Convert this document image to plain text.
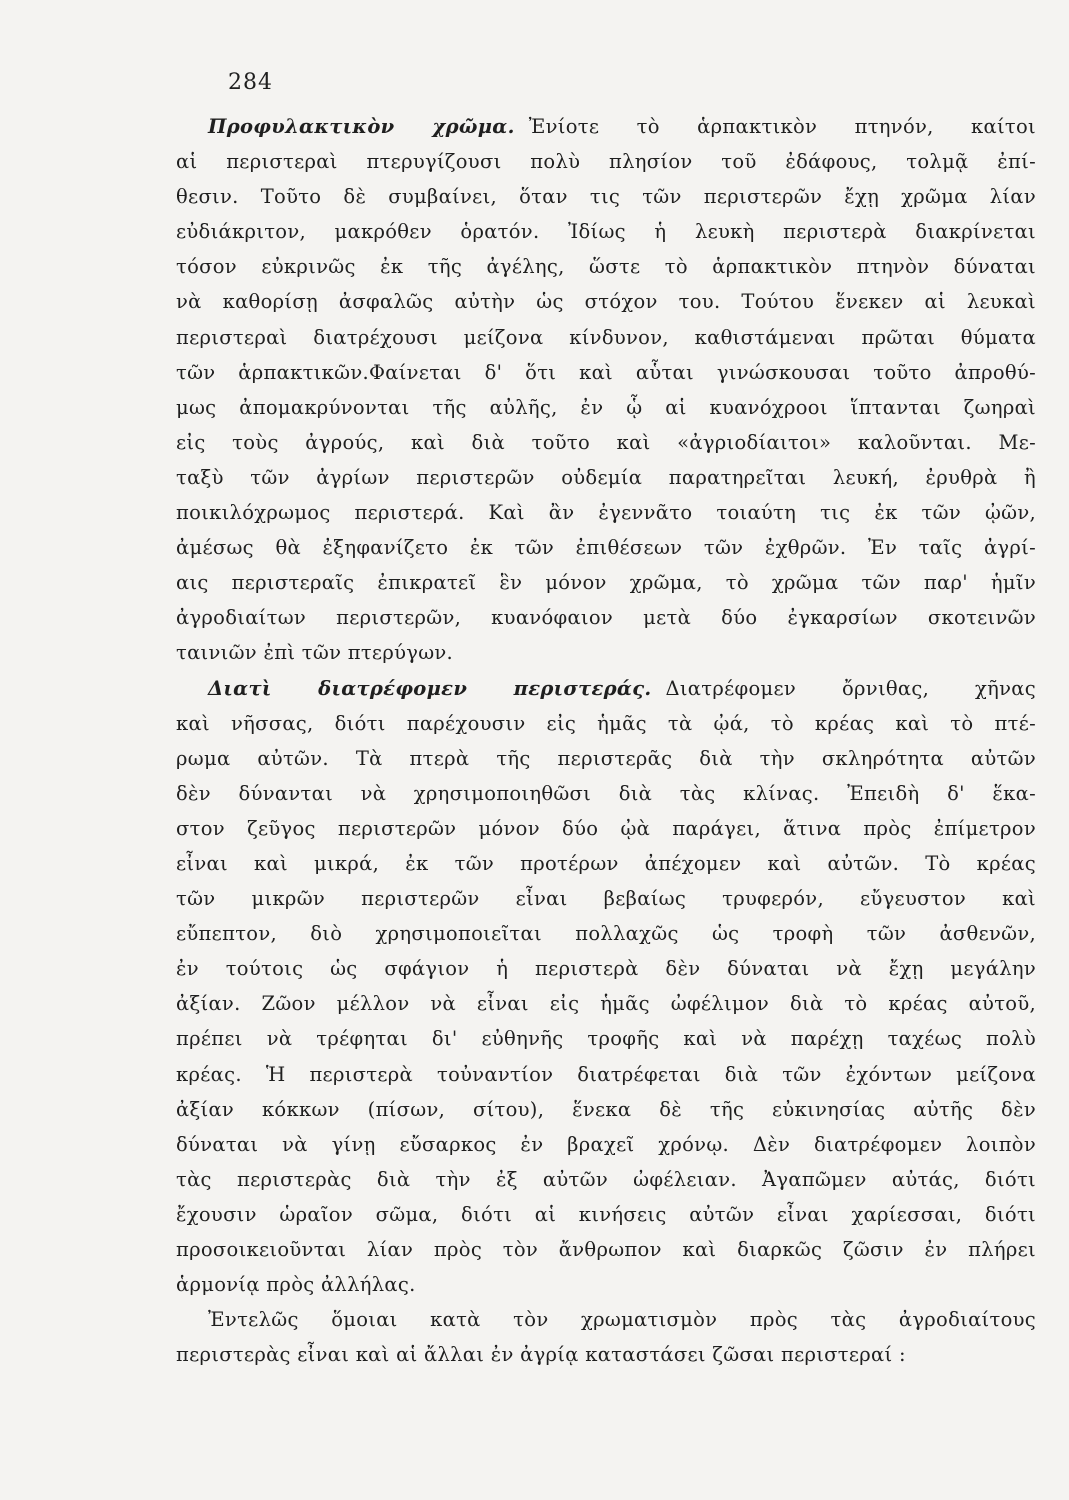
284
Προφυλακτικὸν χρῶμα. Ἐνίοτε τὸ ἁρπακτικὸν πτηνόν, καίτοι
αἱ περιστεραὶ πτερυγίζουσι πολὺ πλησίον τοῦ ἐδάφους, τολμᾷ ἐπί-
θεσιν. Τοῦτο δὲ συμβαίνει, ὅταν τις τῶν περιστερῶν ἔχῃ χρῶμα λίαν
εὐδιάκριτον, μακρόθεν ὁρατόν. Ἰδίως ἡ λευκὴ περιστερὰ διακρίνεται
τόσον εὐκρινῶς ἐκ τῆς ἀγέλης, ὥστε τὸ ἁρπακτικὸν πτηνὸν δύναται
νὰ καθορίσῃ ἀσφαλῶς αὐτὴν ὡς στόχον του. Τούτου ἕνεκεν αἱ λευκαὶ
περιστεραὶ διατρέχουσι μείζονα κίνδυνον, καθιστάμεναι πρῶται θύματα
τῶν ἁρπακτικῶν.Φαίνεται δ' ὅτι καὶ αὗται γινώσκουσαι τοῦτο ἀπροθύ-
μως ἀπομακρύνονται τῆς αὐλῆς, ἐν ᾧ αἱ κυανόχροοι ἵπτανται ζωηραὶ
εἰς τοὺς ἀγρούς, καὶ διὰ τοῦτο καὶ «ἀγριοδίαιτοι» καλοῦνται. Με-
ταξὺ τῶν ἀγρίων περιστερῶν οὐδεμία παρατηρεῖται λευκή, ἐρυθρὰ ἢ
ποικιλόχρωμος περιστερά. Καὶ ἂν ἐγεννᾶτο τοιαύτη τις ἐκ τῶν ᾠῶν,
ἀμέσως θὰ ἐξηφανίζετο ἐκ τῶν ἐπιθέσεων τῶν ἐχθρῶν. Ἐν ταῖς ἀγρί-
αις περιστεραῖς ἐπικρατεῖ ἓν μόνον χρῶμα, τὸ χρῶμα τῶν παρ' ἡμῖν
ἀγροδιαίτων περιστερῶν, κυανόφαιον μετὰ δύο ἐγκαρσίων σκοτεινῶν
ταινιῶν ἐπὶ τῶν πτερύγων.
Διατὶ διατρέφομεν περιστεράς. Διατρέφομεν ὄρνιθας, χῆνας
καὶ νῆσσας, διότι παρέχουσιν εἰς ἡμᾶς τὰ ᾠά, τὸ κρέας καὶ τὸ πτέ-
ρωμα αὐτῶν. Τὰ πτερὰ τῆς περιστερᾶς διὰ τὴν σκληρότητα αὐτῶν
δὲν δύνανται νὰ χρησιμοποιηθῶσι διὰ τὰς κλίνας. Ἐπειδὴ δ' ἕκα-
στον ζεῦγος περιστερῶν μόνον δύο ᾠὰ παράγει, ἅτινα πρὸς ἐπίμετρον
εἶναι καὶ μικρά, ἐκ τῶν προτέρων ἀπέχομεν καὶ αὐτῶν. Τὸ κρέας
τῶν μικρῶν περιστερῶν εἶναι βεβαίως τρυφερόν, εὔγευστον καὶ
εὔπεπτον, διὸ χρησιμοποιεῖται πολλαχῶς ὡς τροφὴ τῶν ἀσθενῶν,
ἐν τούτοις ὡς σφάγιον ἡ περιστερὰ δὲν δύναται νὰ ἔχῃ μεγάλην
ἀξίαν. Ζῶον μέλλον νὰ εἶναι εἰς ἡμᾶς ὠφέλιμον διὰ τὸ κρέας αὐτοῦ,
πρέπει νὰ τρέφηται δι' εὐθηνῆς τροφῆς καὶ νὰ παρέχῃ ταχέως πολὺ
κρέας. Ἡ περιστερὰ τοὐναντίον διατρέφεται διὰ τῶν ἐχόντων μείζονα
ἀξίαν κόκκων (πίσων, σίτου), ἕνεκα δὲ τῆς εὐκινησίας αὐτῆς δὲν
δύναται νὰ γίνῃ εὔσαρκος ἐν βραχεῖ χρόνῳ. Δὲν διατρέφομεν λοιπὸν
τὰς περιστερὰς διὰ τὴν ἐξ αὐτῶν ὠφέλειαν. Ἀγαπῶμεν αὐτάς, διότι
ἔχουσιν ὡραῖον σῶμα, διότι αἱ κινήσεις αὐτῶν εἶναι χαρίεσσαι, διότι
προσοικειοῦνται λίαν πρὸς τὸν ἄνθρωπον καὶ διαρκῶς ζῶσιν ἐν πλήρει
ἁρμονίᾳ πρὸς ἀλλήλας.
Ἐντελῶς ὅμοιαι κατὰ τὸν χρωματισμὸν πρὸς τὰς ἀγροδιαίτους
περιστερὰς εἶναι καὶ αἱ ἄλλαι ἐν ἀγρίᾳ καταστάσει ζῶσαι περιστεραί :
